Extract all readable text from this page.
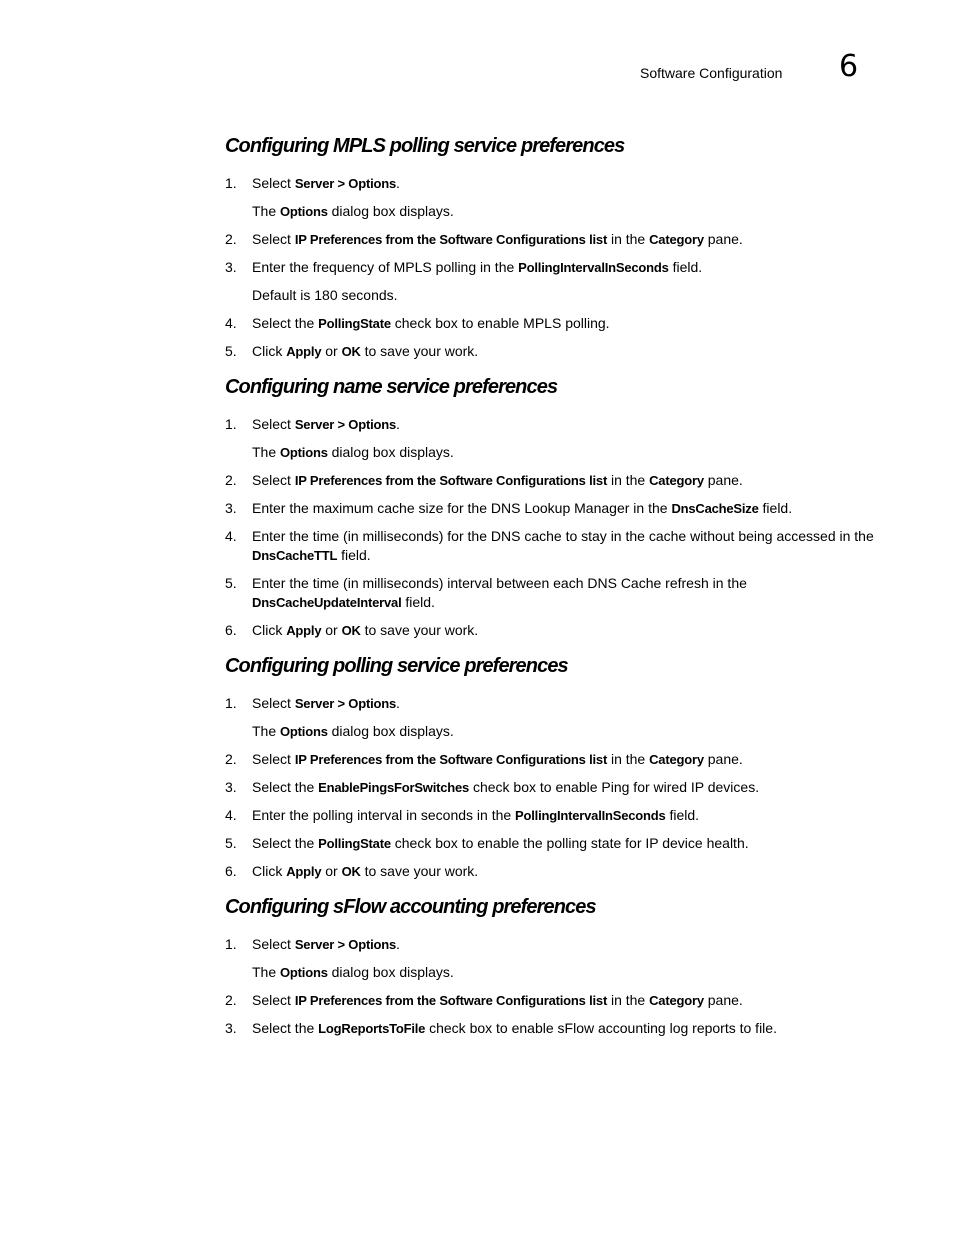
Software Configuration 6
Configuring MPLS polling service preferences
1. Select Server > Options.
The Options dialog box displays.
2. Select IP Preferences from the Software Configurations list in the Category pane.
3. Enter the frequency of MPLS polling in the PollingIntervalInSeconds field.
Default is 180 seconds.
4. Select the PollingState check box to enable MPLS polling.
5. Click Apply or OK to save your work.
Configuring name service preferences
1. Select Server > Options.
The Options dialog box displays.
2. Select IP Preferences from the Software Configurations list in the Category pane.
3. Enter the maximum cache size for the DNS Lookup Manager in the DnsCacheSize field.
4. Enter the time (in milliseconds) for the DNS cache to stay in the cache without being accessed in the DnsCacheTTL field.
5. Enter the time (in milliseconds) interval between each DNS Cache refresh in the DnsCacheUpdateInterval field.
6. Click Apply or OK to save your work.
Configuring polling service preferences
1. Select Server > Options.
The Options dialog box displays.
2. Select IP Preferences from the Software Configurations list in the Category pane.
3. Select the EnablePingsForSwitches check box to enable Ping for wired IP devices.
4. Enter the polling interval in seconds in the PollingIntervalInSeconds field.
5. Select the PollingState check box to enable the polling state for IP device health.
6. Click Apply or OK to save your work.
Configuring sFlow accounting preferences
1. Select Server > Options.
The Options dialog box displays.
2. Select IP Preferences from the Software Configurations list in the Category pane.
3. Select the LogReportsToFile check box to enable sFlow accounting log reports to file.
